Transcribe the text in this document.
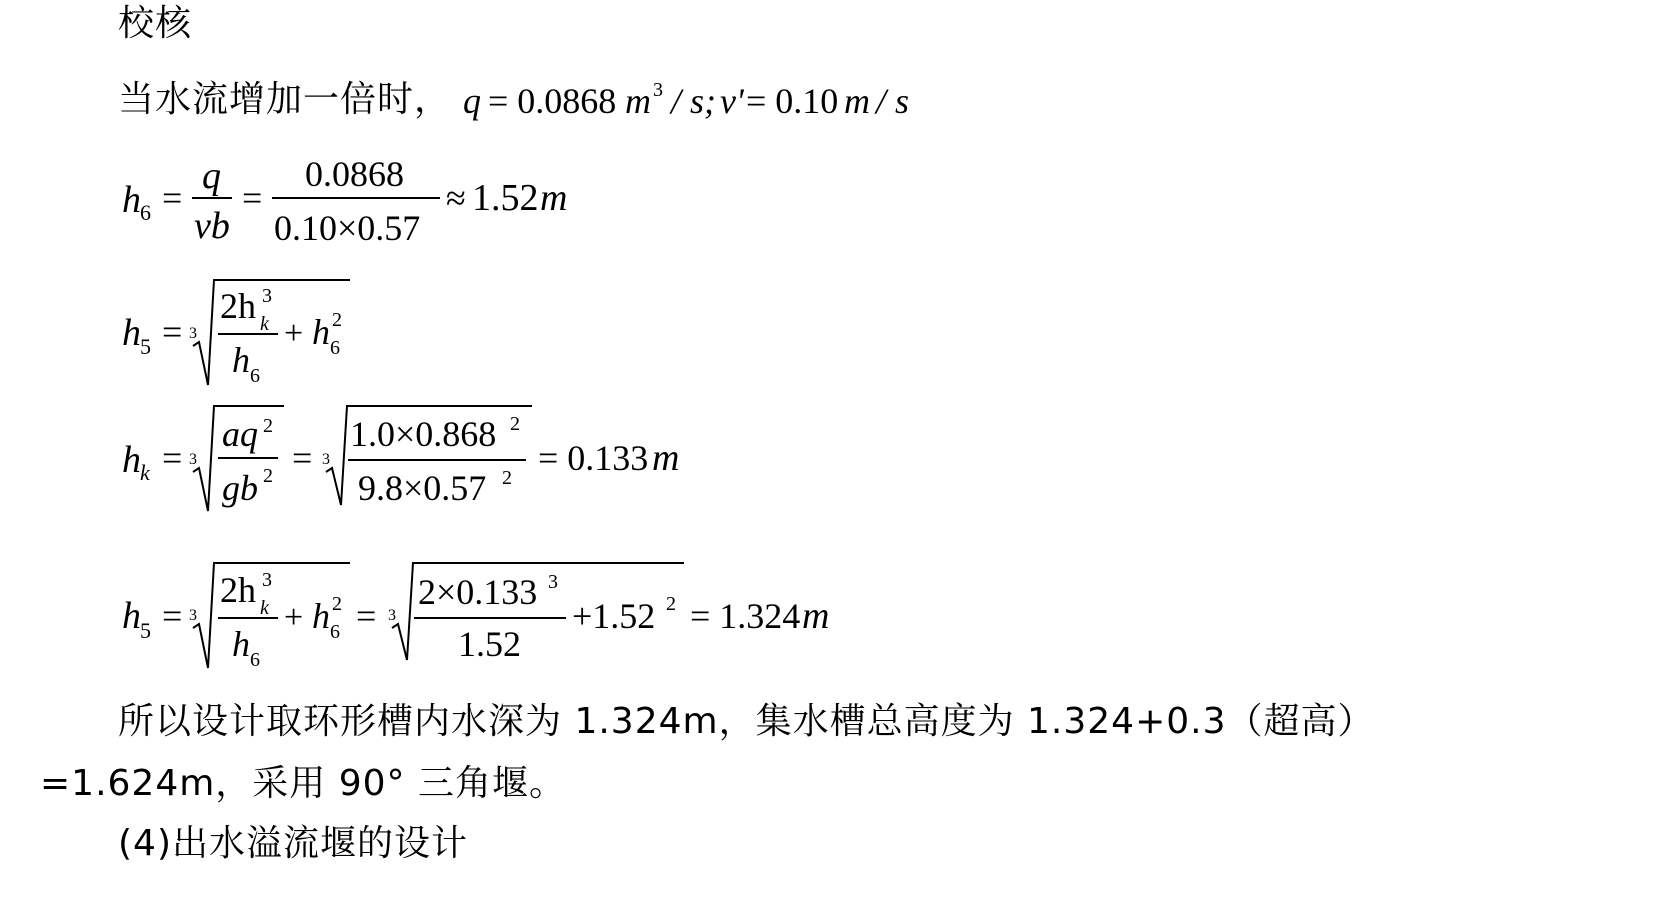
校核
所以设计取环形槽内水深为 1.324m，集水槽总高度为 1.324+0.3（超高）
=1.624m，采用 90° 三角堰。
(4)出水溢流堰的设计
当水流增加一倍时， q = 0.0868 m 3 / s; v' = 0.10 m / s
h 6 =
q
vb
=
0.0868
0.10×0.57
≈ 1.52 m
h 5 = 3
2h k
3
h 6
+ h 6
2
h k = 3
aq 2
gb 2 = 3
1.0×0.868 2
9.8×0.57 2 = 0.133 m
h 5 = 3
2h k
3
h 6
+ h 6
2 = 3
2×0.133 3
1.52
+1.52 2 = 1.324 m
